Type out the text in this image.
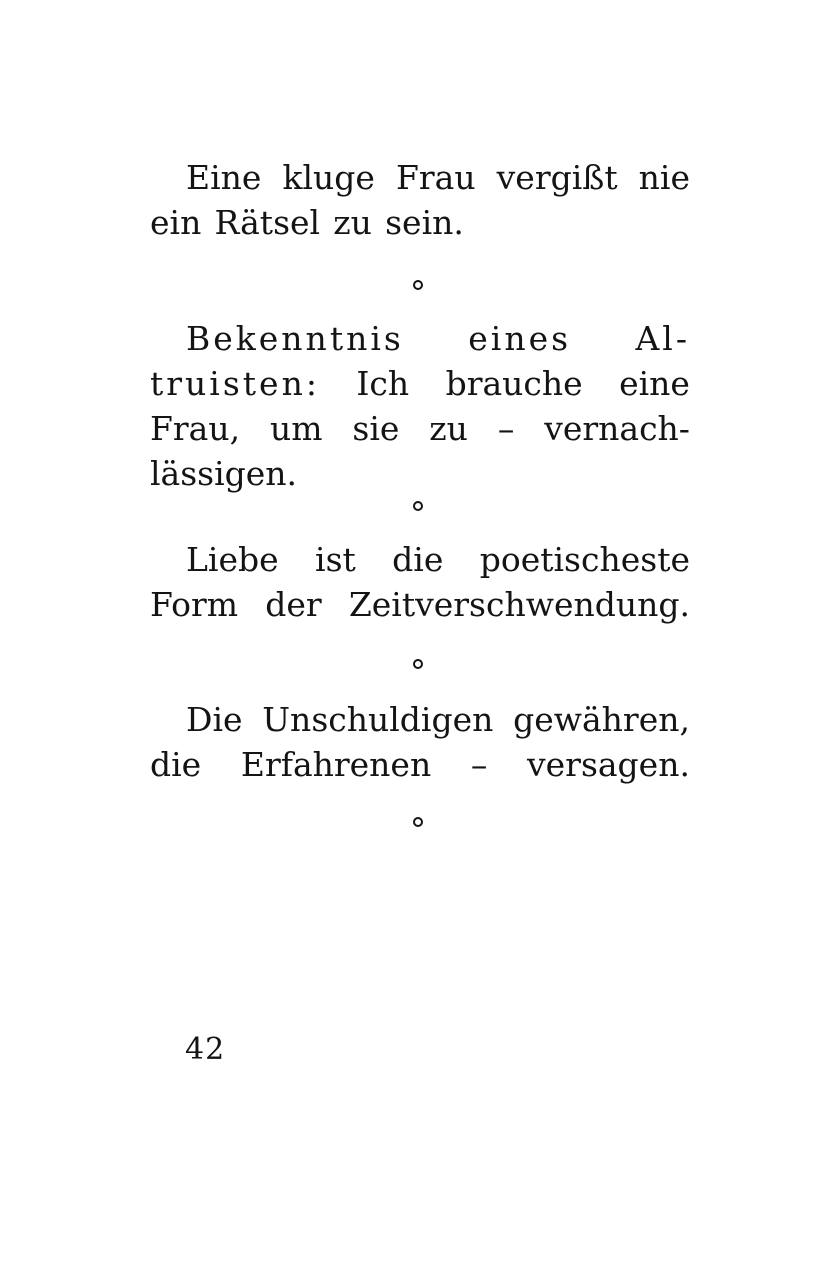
Eine kluge Frau vergißt nie
ein Rätsel zu sein.
Bekenntnis eines Al-
truisten: Ich brauche eine
Frau, um sie zu – vernach-
lässigen.
Liebe ist die poetischeste
Form der Zeitverschwendung.
Die Unschuldigen gewähren,
die Erfahrenen – versagen.
42
